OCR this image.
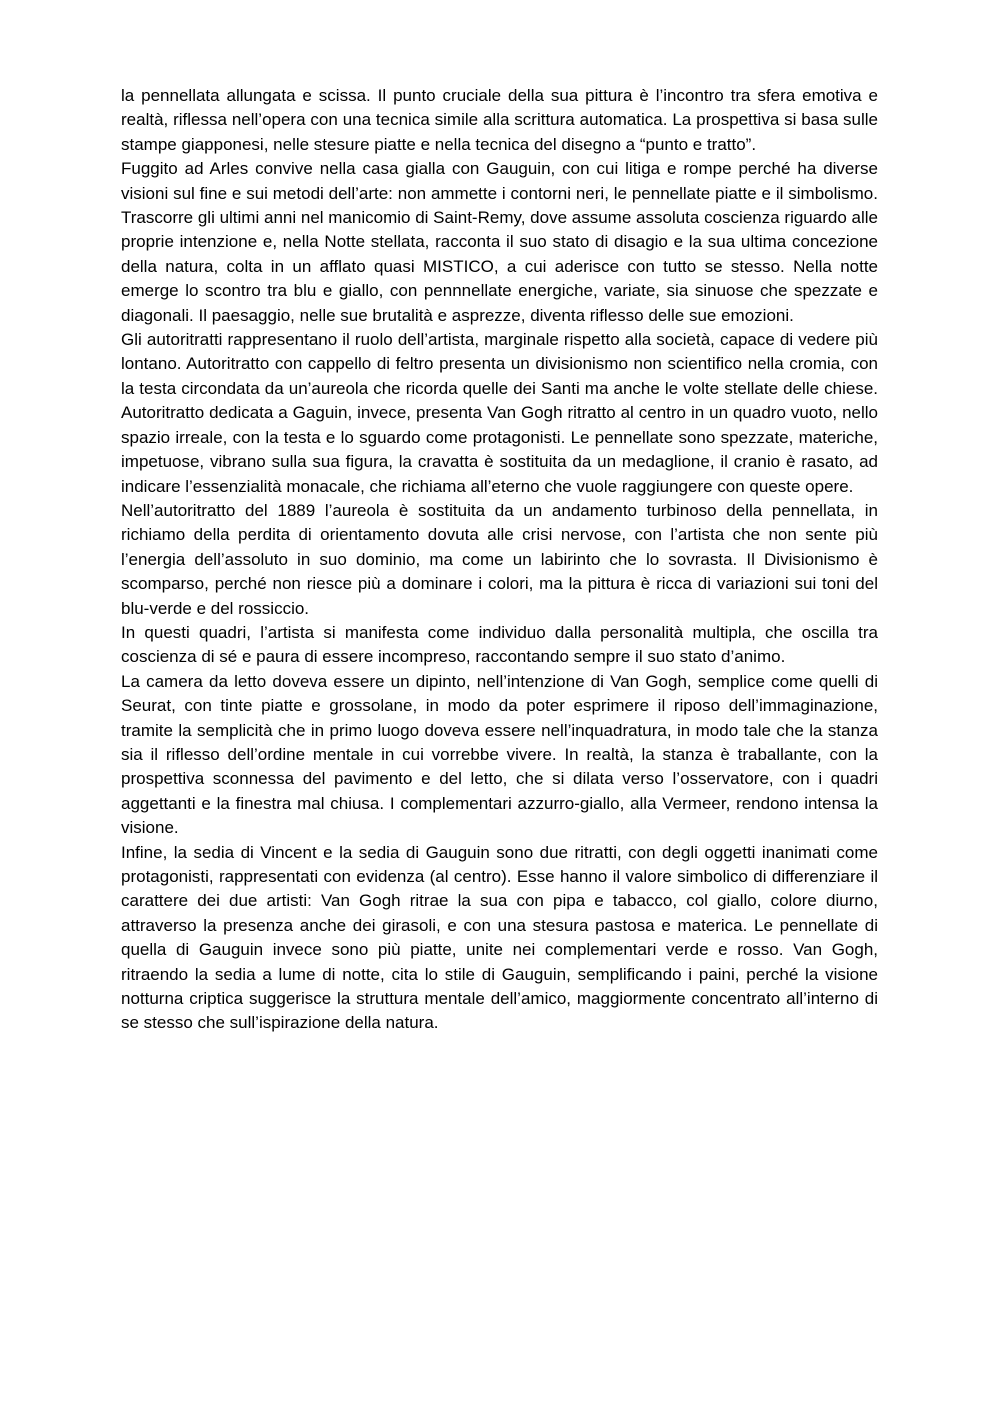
la pennellata allungata e scissa. Il punto cruciale della sua pittura è l’incontro tra sfera emotiva e realtà, riflessa nell’opera con una tecnica simile alla scrittura automatica. La prospettiva si basa sulle stampe giapponesi, nelle stesure piatte e nella tecnica del disegno a “punto e tratto”.

Fuggito ad Arles convive nella casa gialla con Gauguin, con cui litiga e rompe perché ha diverse visioni sul fine e sui metodi dell’arte: non ammette i contorni neri, le pennellate piatte e il simbolismo. Trascorre gli ultimi anni nel manicomio di Saint-Remy, dove assume assoluta coscienza riguardo alle proprie intenzione e, nella Notte stellata, racconta il suo stato di disagio e la sua ultima concezione della natura, colta in un afflato quasi MISTICO, a cui aderisce con tutto se stesso. Nella notte emerge lo scontro tra blu e giallo, con pennnellate energiche, variate, sia sinuose che spezzate e diagonali. Il paesaggio, nelle sue brutalità e asprezze, diventa riflesso delle sue emozioni.

Gli autoritratti rappresentano il ruolo dell’artista, marginale rispetto alla società, capace di vedere più lontano. Autoritratto con cappello di feltro presenta un divisionismo non scientifico nella cromia, con la testa circondata da un’aureola che ricorda quelle dei Santi ma anche le volte stellate delle chiese. Autoritratto dedicata a Gaguin, invece, presenta Van Gogh ritratto al centro in un quadro vuoto, nello spazio irreale, con la testa e lo sguardo come protagonisti. Le pennellate sono spezzate, materiche, impetuose, vibrano sulla sua figura, la cravatta è sostituita da un medaglione, il cranio è rasato, ad indicare l’essenzialità monacale, che richiama all’eterno che vuole raggiungere con queste opere.

Nell’autoritratto del 1889 l’aureola è sostituita da un andamento turbinoso della pennellata, in richiamo della perdita di orientamento dovuta alle crisi nervose, con l’artista che non sente più l’energia dell’assoluto in suo dominio, ma come un labirinto che lo sovrasta. Il Divisionismo è scomparso, perché non riesce più a dominare i colori, ma la pittura è ricca di variazioni sui toni del blu-verde e del rossiccio.

In questi quadri, l’artista si manifesta come individuo dalla personalità multipla, che oscilla tra coscienza di sé e paura di essere incompreso, raccontando sempre il suo stato d’animo.

La camera da letto doveva essere un dipinto, nell’intenzione di Van Gogh, semplice come quelli di Seurat, con tinte piatte e grossolane, in modo da poter esprimere il riposo dell’immaginazione, tramite la semplicità che in primo luogo doveva essere nell’inquadratura, in modo tale che la stanza sia il riflesso dell’ordine mentale in cui vorrebbe vivere. In realtà, la stanza è traballante, con la prospettiva sconnessa del pavimento e del letto, che si dilata verso l’osservatore, con i quadri aggettanti e la finestra mal chiusa. I complementari azzurro-giallo, alla Vermeer, rendono intensa la visione.

Infine, la sedia di Vincent e la sedia di Gauguin sono due ritratti, con degli oggetti inanimati come protagonisti, rappresentati con evidenza (al centro). Esse hanno il valore simbolico di differenziare il carattere dei due artisti: Van Gogh ritrae la sua con pipa e tabacco, col giallo, colore diurno, attraverso la presenza anche dei girasoli, e con una stesura pastosa e materica. Le pennellate di quella di Gauguin invece sono più piatte, unite nei complementari verde e rosso. Van Gogh, ritraendo la sedia a lume di notte, cita lo stile di Gauguin, semplificando i paini, perché la visione notturna criptica suggerisce la struttura mentale dell’amico, maggiormente concentrato all’interno di se stesso che sull’ispirazione della natura.
